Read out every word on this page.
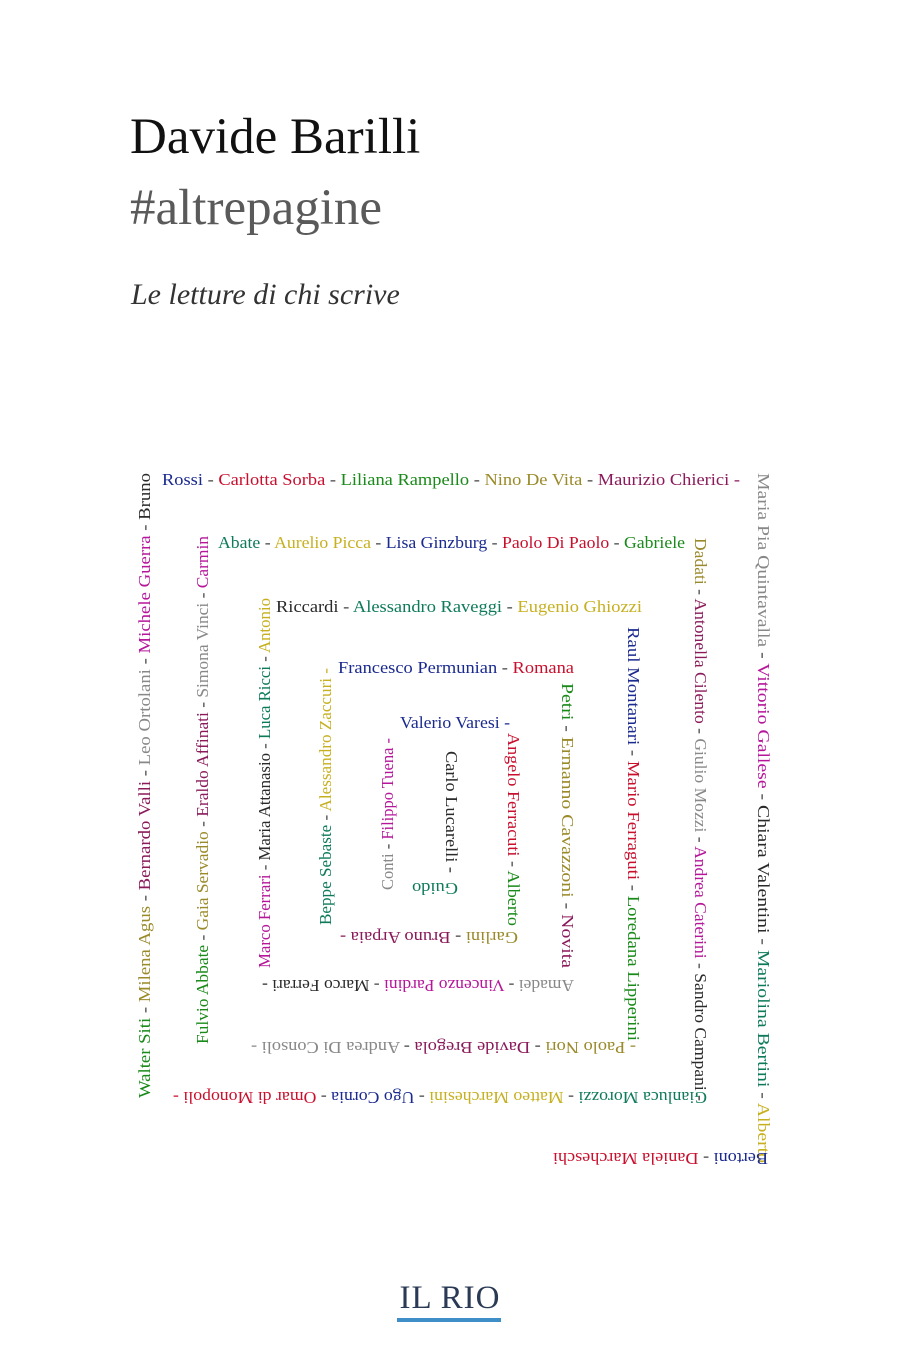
Davide Barilli
#altrepagine
Le letture di chi scrive
Rossi - Carlotta Sorba - Liliana Rampello - Nino De Vita - Maurizio Chierici -	Maria Pia Quintavalla - Vittorio Gallese - Chiara Valentini - Mariolina Bertini - Alberto
Bertoni - Daniela Marcheschi
Walter Siti - Milena Agus - Bernardo Valli - Leo Ortolani - Michele Guerra - Bruno
Abate - Aurelio Picca - Lisa Ginzburg - Paolo Di Paolo - Gabriele Dadati - Antonella Cilento - Giulio Mozzi - Andrea Caterini - Sandro Campani -
Gianluca Morozzi - Matteo Marchesini - Ugo Cornia - Omar di Monopoli -
Fulvio Abbate - Gaia Servadio - Eraldo Affinati - Simona Vinci - Carmin
Riccardi - Alessandro Raveggi - Eugenio Ghiozzi
Raul Montanari - Mario Ferraguti - Loredana Lipperini
- Paolo Nori - Davide Bregola - Andrea Di Consoli -
Marco Ferrari - Maria Attanasio - Luca Ricci - Antonio
Francesco Permunian - Romana
Petri - Ermanno Cavazzoni - Novita
Amadei - Vincenzo Pardini - Marco Ferrari -
Beppe Sebaste - Alessandro Zaccuri -	Valerio Varesi -
Angelo Ferracuti - Alberto
Garlini - Bruno Arpaia -
Conti - Filippo Tuena -	Carlo Lucarelli -
Guido
IL RIO
